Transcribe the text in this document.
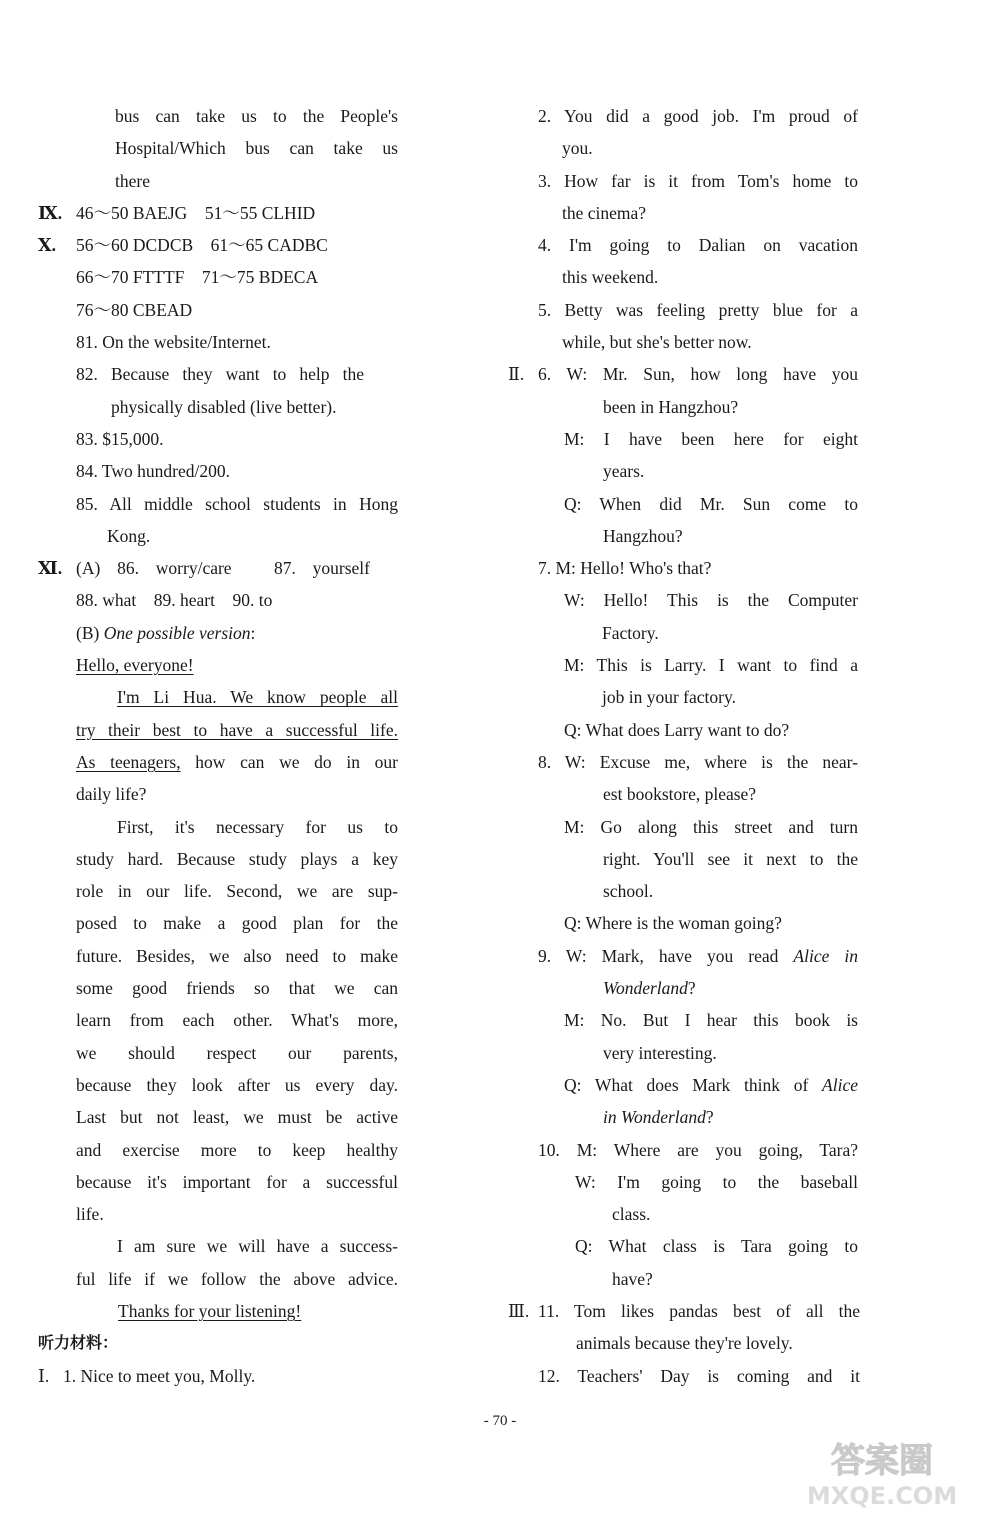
bus can take us to the People's
Hospital/Which bus can take us
there
Ⅸ. 46～50 BAEJG　51～55 CLHID
Ⅹ. 56～60 DCDCB　61～65 CADBC
66～70 FTTTF　71～75 BDECA
76～80 CBEAD
81. On the website/Internet.
82. Because they want to help the
physically disabled (live better).
83. $15,000.
84. Two hundred/200.
85. All middle school students in Hong
Kong.
Ⅺ. (A) 86. worry/care　87. yourself
88. what　89. heart　90. to
(B) One possible version:
Hello, everyone!
I'm Li Hua. We know people all
try their best to have a successful life.
As teenagers, how can we do in our
daily life?
First, it's necessary for us to
study hard. Because study plays a key
role in our life. Second, we are sup-
posed to make a good plan for the
future. Besides, we also need to make
some good friends so that we can
learn from each other. What's more,
we should respect our parents,
because they look after us every day.
Last but not least, we must be active
and exercise more to keep healthy
because it's important for a successful
life.
I am sure we will have a success-
ful life if we follow the above advice.
Thanks for your listening!
听力材料：
Ⅰ. 1. Nice to meet you, Molly.
2. You did a good job. I'm proud of
you.
3. How far is it from Tom's home to
the cinema?
4. I'm going to Dalian on vacation
this weekend.
5. Betty was feeling pretty blue for a
while, but she's better now.
Ⅱ. 6. W: Mr. Sun, how long have you
been in Hangzhou?
M: I have been here for eight
years.
Q: When did Mr. Sun come to
Hangzhou?
7. M: Hello! Who's that?
W: Hello! This is the Computer
Factory.
M: This is Larry. I want to find a
job in your factory.
Q: What does Larry want to do?
8. W: Excuse me, where is the near-
est bookstore, please?
M: Go along this street and turn
right. You'll see it next to the
school.
Q: Where is the woman going?
9. W: Mark, have you read Alice in
Wonderland?
M: No. But I hear this book is
very interesting.
Q: What does Mark think of Alice
in Wonderland?
10. M: Where are you going, Tara?
W: I'm going to the baseball
class.
Q: What class is Tara going to
have?
Ⅲ. 11. Tom likes pandas best of all the
animals because they're lovely.
12. Teachers' Day is coming and it
- 70 -
答案圈
MXQE.COM
